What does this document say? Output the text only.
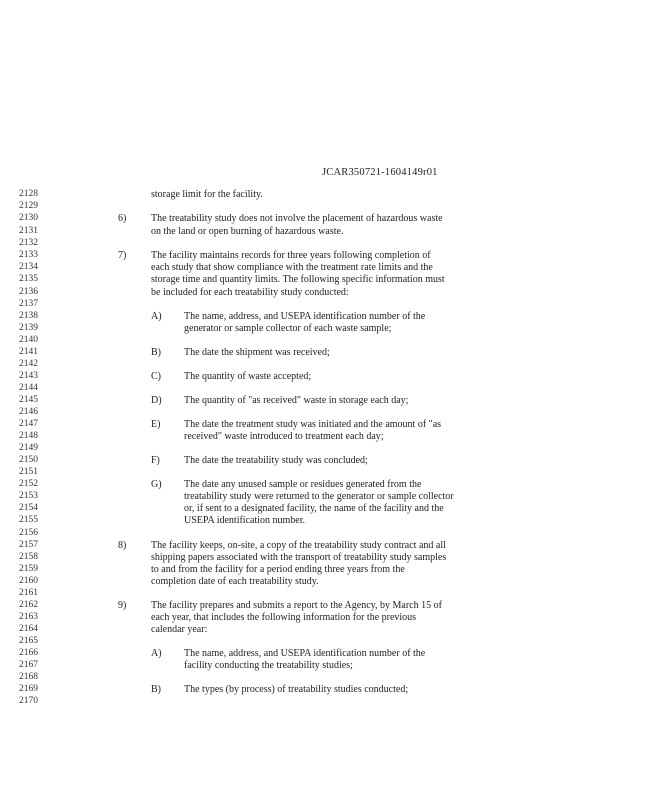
JCAR350721-1604149r01
2128
2129
2130
2131
2132
2133
2134
2135
2136
2137
2138
2139
2140
2141
2142
2143
2144
2145
2146
2147
2148
2149
2150
2151
2152
2153
2154
2155
2156
2157
2158
2159
2160
2161
2162
2163
2164
2165
2166
2167
2168
2169
2170
storage limit for the facility.
6) The treatability study does not involve the placement of hazardous waste
on the land or open burning of hazardous waste.
7) The facility maintains records for three years following completion of
each study that show compliance with the treatment rate limits and the
storage time and quantity limits. The following specific information must
be included for each treatability study conducted:
A) The name, address, and USEPA identification number of the
generator or sample collector of each waste sample;
B) The date the shipment was received;
C) The quantity of waste accepted;
D) The quantity of "as received" waste in storage each day;
E) The date the treatment study was initiated and the amount of "as
received" waste introduced to treatment each day;
F) The date the treatability study was concluded;
G) The date any unused sample or residues generated from the
treatability study were returned to the generator or sample collector
or, if sent to a designated facility, the name of the facility and the
USEPA identification number.
8) The facility keeps, on-site, a copy of the treatability study contract and all
shipping papers associated with the transport of treatability study samples
to and from the facility for a period ending three years from the
completion date of each treatability study.
9) The facility prepares and submits a report to the Agency, by March 15 of
each year, that includes the following information for the previous
calendar year:
A) The name, address, and USEPA identification number of the
facility conducting the treatability studies;
B) The types (by process) of treatability studies conducted;
